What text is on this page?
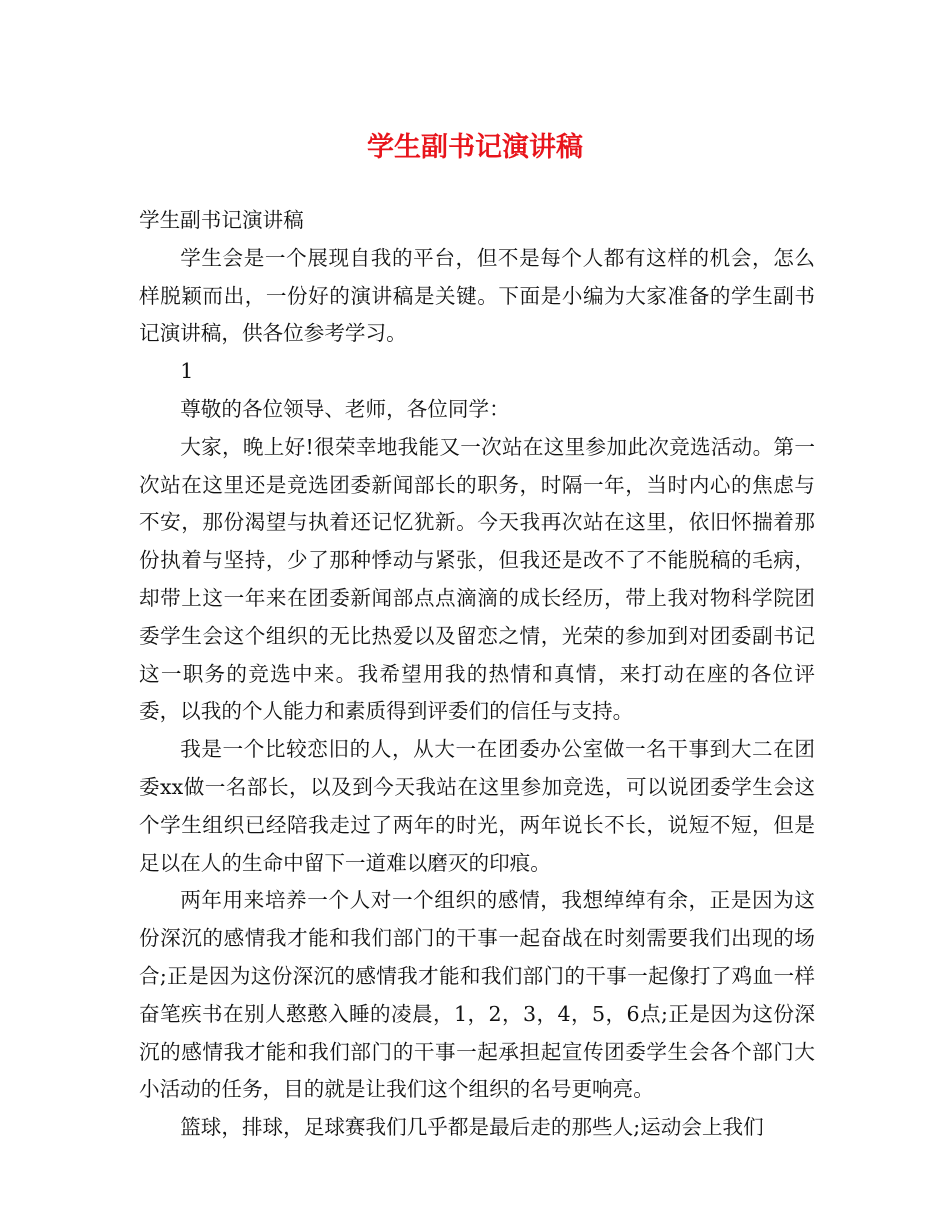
学生副书记演讲稿

学生副书记演讲稿

学生会是一个展现自我的平台，但不是每个人都有这样的机会，怎么样脱颖而出，一份好的演讲稿是关键。下面是小编为大家准备的学生副书记演讲稿，供各位参考学习。

1

尊敬的各位领导、老师，各位同学：

大家，晚上好!很荣幸地我能又一次站在这里参加此次竞选活动。第一次站在这里还是竞选团委新闻部长的职务，时隔一年，当时内心的焦虑与不安，那份渴望与执着还记忆犹新。今天我再次站在这里，依旧怀揣着那份执着与坚持，少了那种悸动与紧张，但我还是改不了不能脱稿的毛病，却带上这一年来在团委新闻部点点滴滴的成长经历，带上我对物科学院团委学生会这个组织的无比热爱以及留恋之情，光荣的参加到对团委副书记这一职务的竞选中来。我希望用我的热情和真情，来打动在座的各位评委，以我的个人能力和素质得到评委们的信任与支持。

我是一个比较恋旧的人，从大一在团委办公室做一名干事到大二在团委xx做一名部长，以及到今天我站在这里参加竞选，可以说团委学生会这个学生组织已经陪我走过了两年的时光，两年说长不长，说短不短，但是足以在人的生命中留下一道难以磨灭的印痕。

两年用来培养一个人对一个组织的感情，我想绰绰有余，正是因为这份深沉的感情我才能和我们部门的干事一起奋战在时刻需要我们出现的场合;正是因为这份深沉的感情我才能和我们部门的干事一起像打了鸡血一样奋笔疾书在别人憨憨入睡的凌晨，1，2，3，4，5，6点;正是因为这份深沉的感情我才能和我们部门的干事一起承担起宣传团委学生会各个部门大小活动的任务，目的就是让我们这个组织的名号更响亮。

篮球，排球，足球赛我们几乎都是最后走的那些人;运动会上我们
